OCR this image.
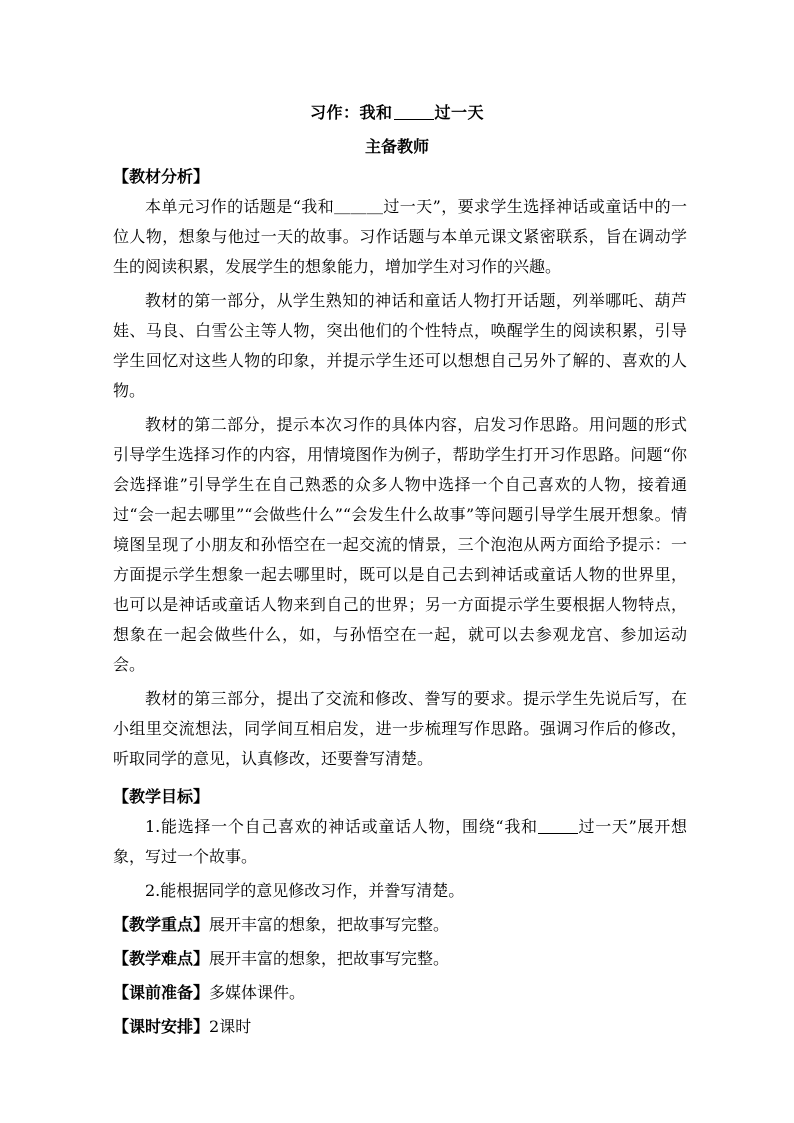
习作：我和	过一天
主备教师
【教材分析】

本单元习作的话题是“我和＿＿＿过一天”，要求学生选择神话或童话中的一位人物，想象与他过一天的故事。习作话题与本单元课文紧密联系，旨在调动学生的阅读积累，发展学生的想象能力，增加学生对习作的兴趣。

教材的第一部分，从学生熟知的神话和童话人物打开话题，列举哪吒、葫芦娃、马良、白雪公主等人物，突出他们的个性特点，唤醒学生的阅读积累，引导学生回忆对这些人物的印象，并提示学生还可以想想自己另外了解的、喜欢的人物。

教材的第二部分，提示本次习作的具体内容，启发习作思路。用问题的形式引导学生选择习作的内容，用情境图作为例子，帮助学生打开习作思路。问题“你会选择谁”引导学生在自己熟悉的众多人物中选择一个自己喜欢的人物，接着通过“会一起去哪里”“会做些什么”“会发生什么故事”等问题引导学生展开想象。情境图呈现了小朋友和孙悟空在一起交流的情景，三个泡泡从两方面给予提示：一方面提示学生想象一起去哪里时，既可以是自己去到神话或童话人物的世界里，也可以是神话或童话人物来到自己的世界；另一方面提示学生要根据人物特点，想象在一起会做些什么，如，与孙悟空在一起，就可以去参观龙宫、参加运动会。

教材的第三部分，提出了交流和修改、誊写的要求。提示学生先说后写，在小组里交流想法，同学间互相启发，进一步梳理写作思路。强调习作后的修改，听取同学的意见，认真修改，还要誊写清楚。

【教学目标】

1.能选择一个自己喜欢的神话或童话人物，围绕“我和	过一天”展开想象，写过一个故事。

2.能根据同学的意见修改习作，并誊写清楚。

【教学重点】展开丰富的想象，把故事写完整。

【教学难点】展开丰富的想象，把故事写完整。

【课前准备】多媒体课件。

【课时安排】2课时
